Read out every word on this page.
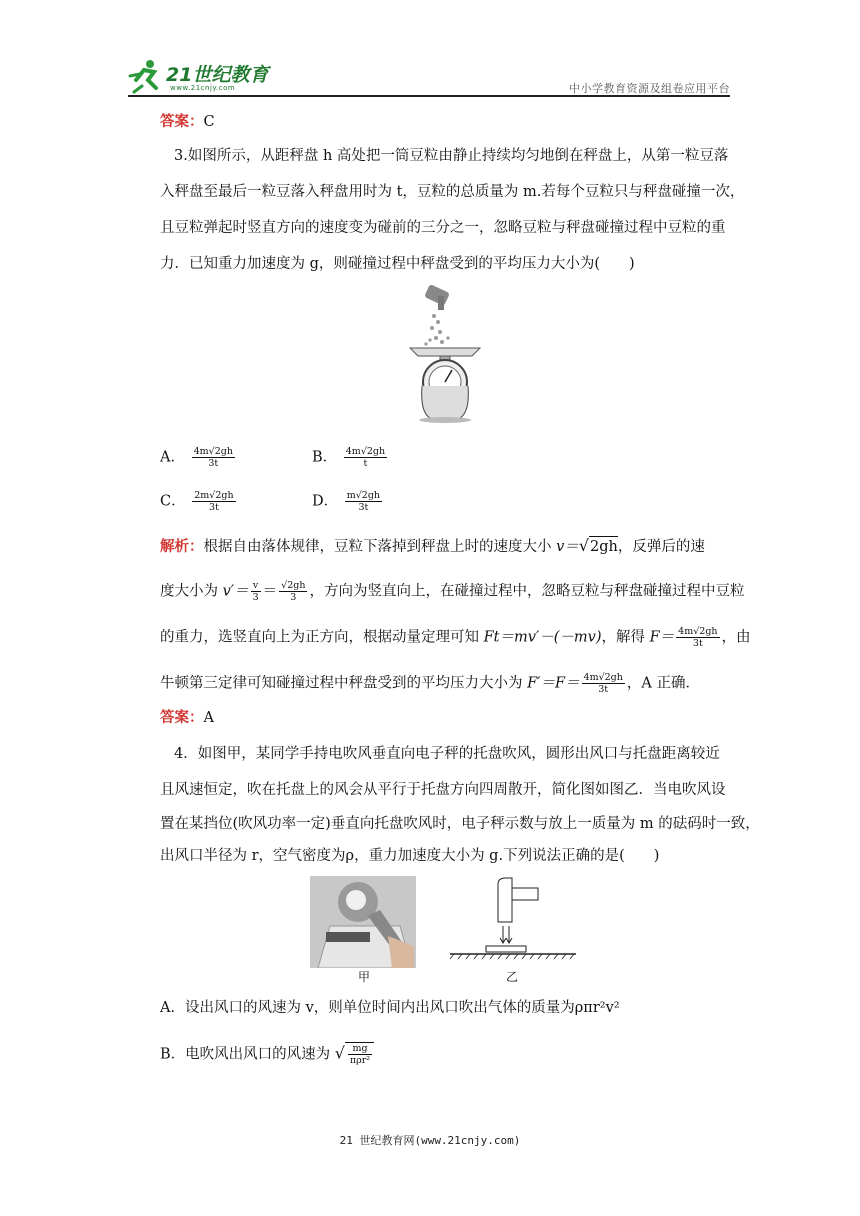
21世纪教育
www.21cnjy.com	中小学教育资源及组卷应用平台
答案：C
3.如图所示，从距秤盘 h 高处把一筒豆粒由静止持续均匀地倒在秤盘上，从第一粒豆落
入秤盘至最后一粒豆落入秤盘用时为 t，豆粒的总质量为 m.若每个豆粒只与秤盘碰撞一次，
且豆粒弹起时竖直方向的速度变为碰前的三分之一，忽略豆粒与秤盘碰撞过程中豆粒的重
力．已知重力加速度为 g，则碰撞过程中秤盘受到的平均压力大小为(　　)
A． $\frac{4m√2gh}{3t}$	B． $\frac{4m√2gh}{t}$
C． $\frac{2m√2gh}{3t}$	D． $\frac{m√2gh}{3t}$
解析：根据自由落体规律，豆粒下落掉到秤盘上时的速度大小 v＝√2gh，反弹后的速
度大小为 $v'= \frac{v}{3} = \frac{√2gh}{3}$ ，方向为竖直向上，在碰撞过程中，忽略豆粒与秤盘碰撞过程中豆粒
的重力，选竖直向上为正方向，根据动量定理可知 Ft＝mv′－(－mv)，解得 $F= \frac{4m√2gh}{3t}$ ，由
牛顿第三定律可知碰撞过程中秤盘受到的平均压力大小为 $F'=F= \frac{4m√2gh}{3t}$ ，A 正确．
答案：A
4．如图甲，某同学手持电吹风垂直向电子秤的托盘吹风，圆形出风口与托盘距离较近
且风速恒定，吹在托盘上的风会从平行于托盘方向四周散开，简化图如图乙．当电吹风设
置在某挡位(吹风功率一定)垂直向托盘吹风时，电子秤示数与放上一质量为 m 的砝码时一致，
出风口半径为 r，空气密度为ρ，重力加速度大小为 g.下列说法正确的是(　　)
甲	乙
A．设出风口的风速为 v，则单位时间内出风口吹出气体的质量为ρπr²v²
B．电吹风出风口的风速为 √ $\frac{mg}{\text{πρr²}}$
21 世纪教育网(www.21cnjy.com)
